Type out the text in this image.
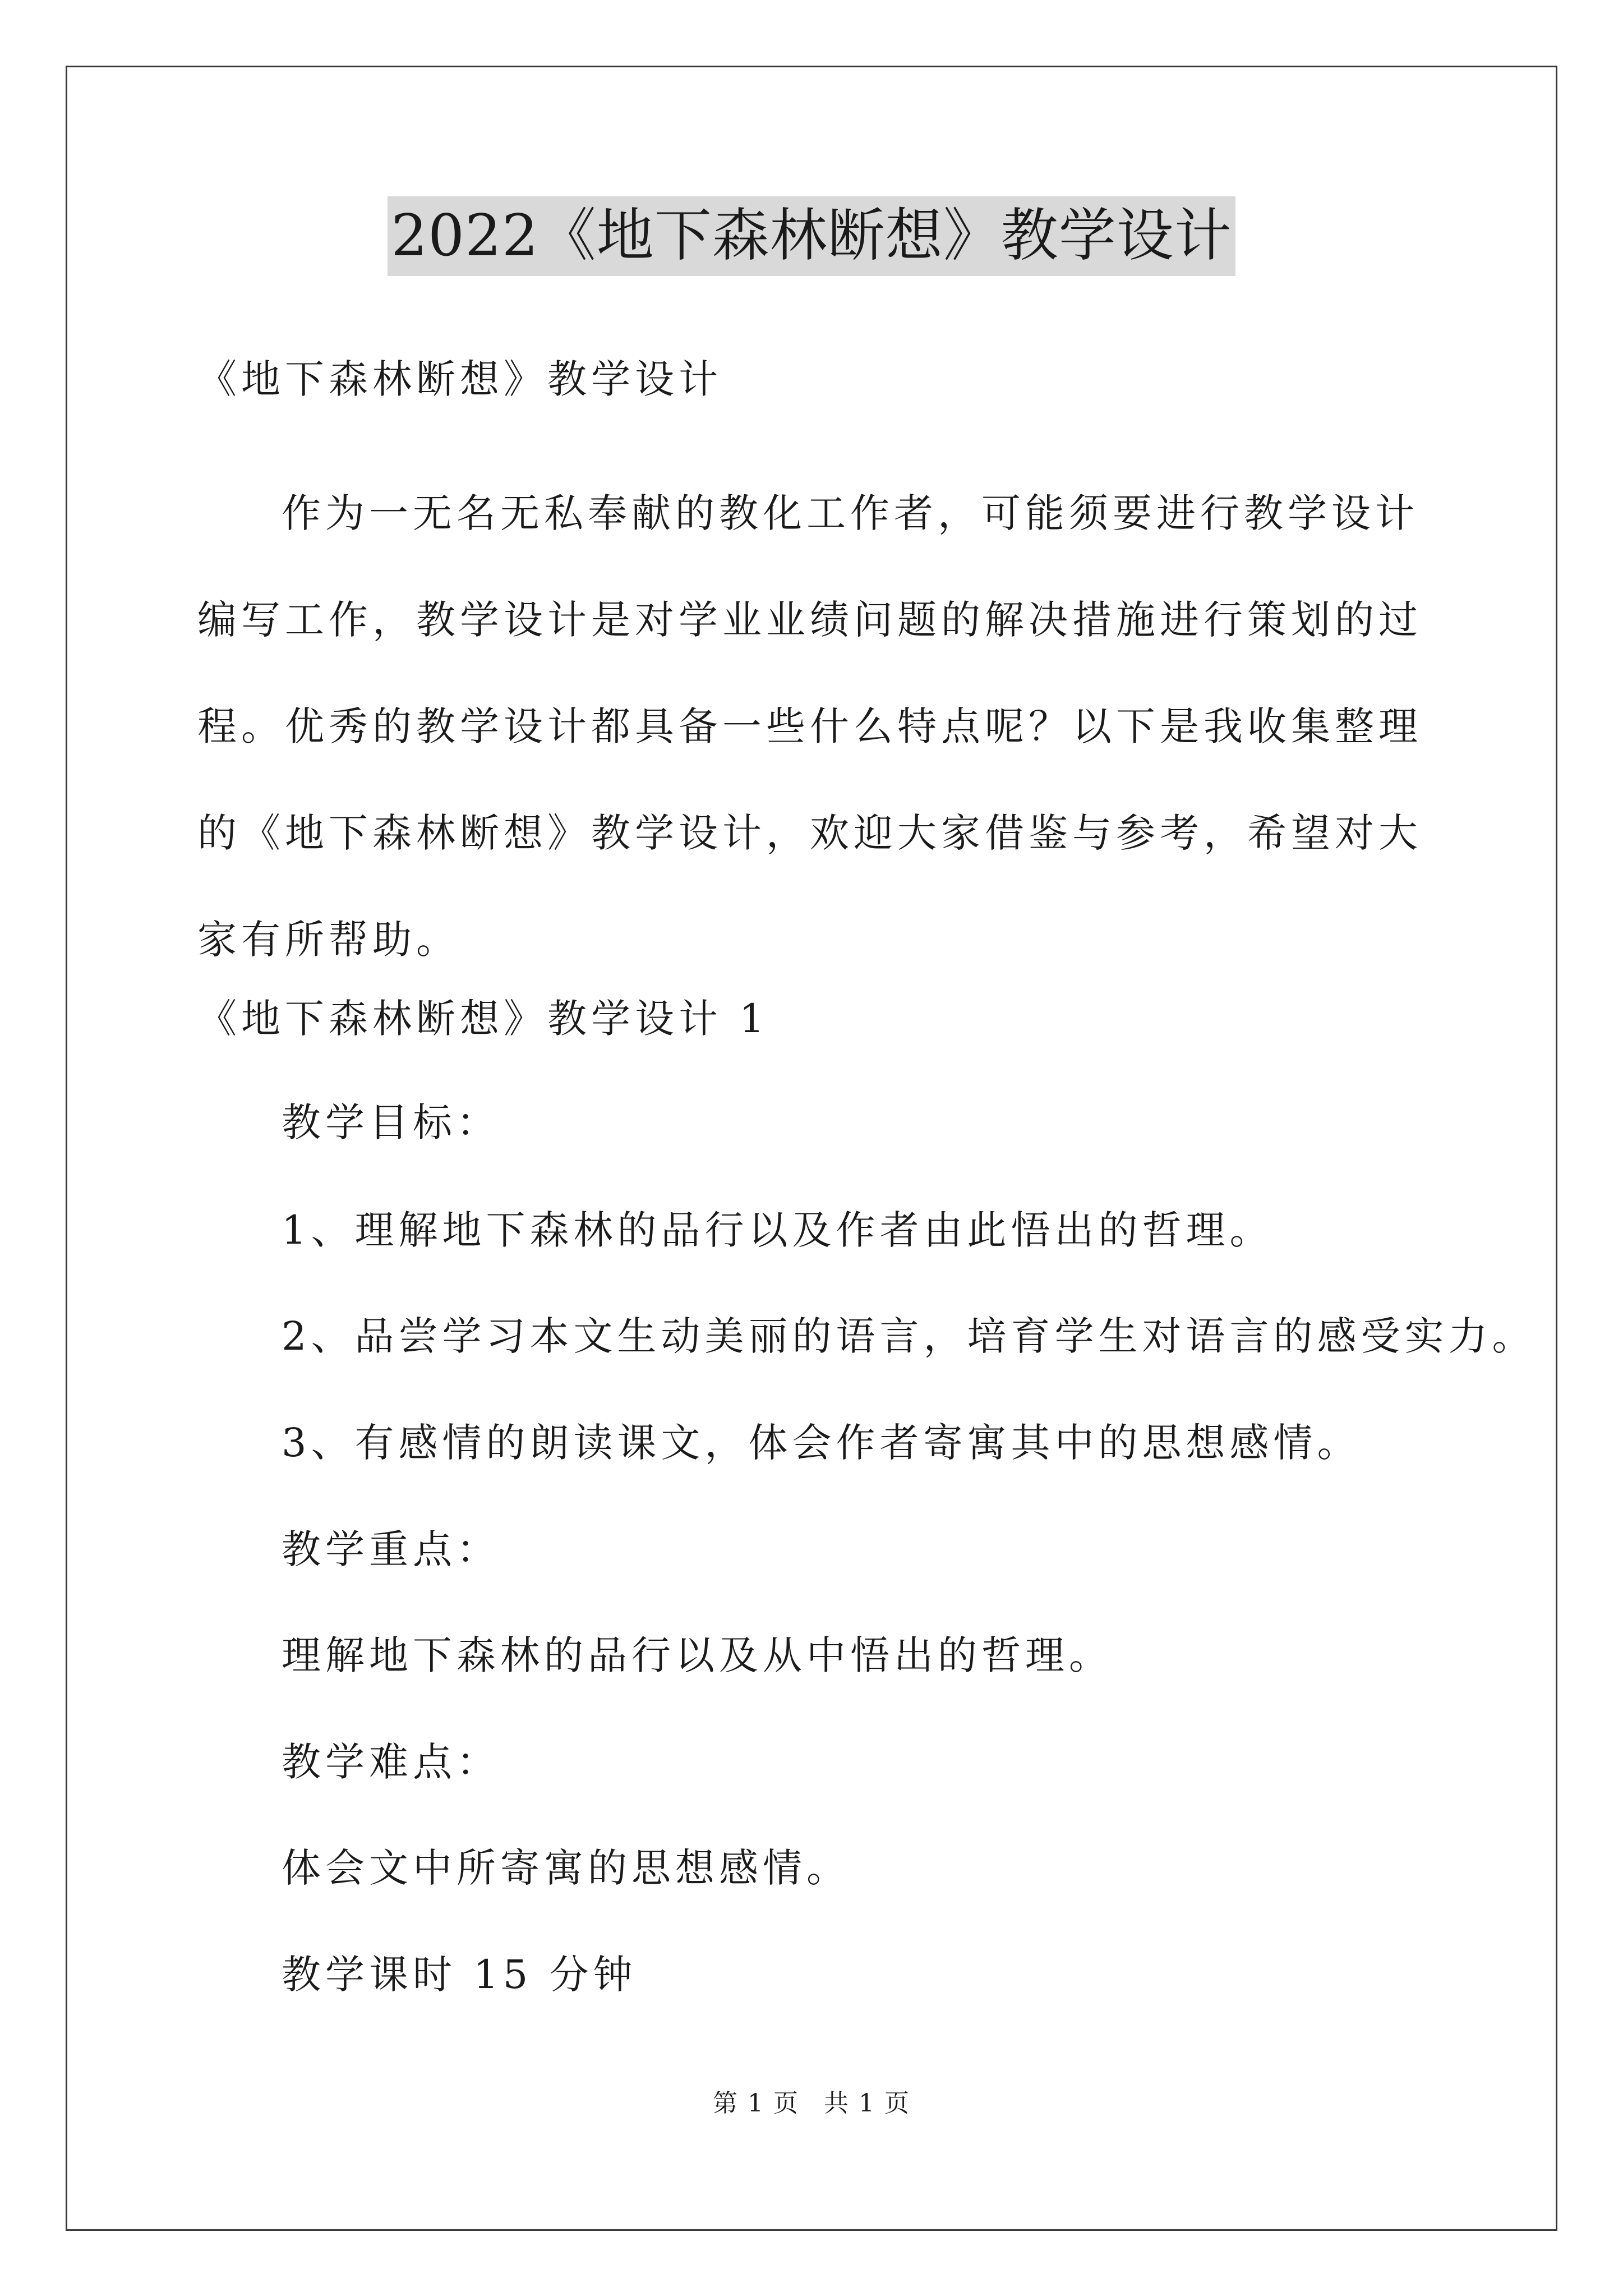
2022《地下森林断想》教学设计
《地下森林断想》教学设计

作为一无名无私奉献的教化工作者，可能须要进行教学设计编写工作，教学设计是对学业业绩问题的解决措施进行策划的过程。优秀的教学设计都具备一些什么特点呢？以下是我收集整理的《地下森林断想》教学设计，欢迎大家借鉴与参考，希望对大家有所帮助。

《地下森林断想》教学设计 1
教学目标：
1、理解地下森林的品行以及作者由此悟出的哲理。
2、品尝学习本文生动美丽的语言，培育学生对语言的感受实力。
3、有感情的朗读课文，体会作者寄寓其中的思想感情。
教学重点：
理解地下森林的品行以及从中悟出的哲理。
教学难点：
体会文中所寄寓的思想感情。
教学课时 15 分钟
第 1 页 共 1 页
